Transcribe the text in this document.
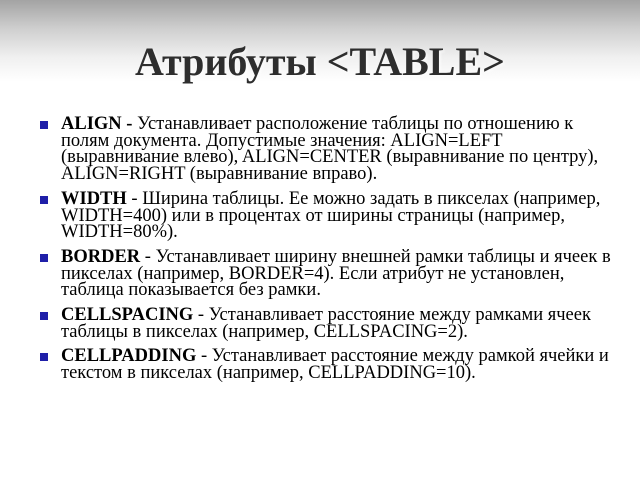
Атрибуты <TABLE>
ALIGN - Устанавливает расположение таблицы по отношению к полям документа. Допустимые значения: ALIGN=LEFT (выравнивание влево), ALIGN=CENTER (выравнивание по центру), ALIGN=RIGHT (выравнивание вправо).
WIDTH - Ширина таблицы. Ее можно задать в пикселах (например, WIDTH=400) или в процентах от ширины страницы (например, WIDTH=80%).
BORDER - Устанавливает ширину внешней рамки таблицы и ячеек в пикселах (например, BORDER=4). Если атрибут не установлен, таблица показывается без рамки.
CELLSPACING - Устанавливает расстояние между рамками ячеек таблицы в пикселах (например, CELLSPACING=2).
CELLPADDING - Устанавливает расстояние между рамкой ячейки и текстом в пикселах (например, CELLPADDING=10).
